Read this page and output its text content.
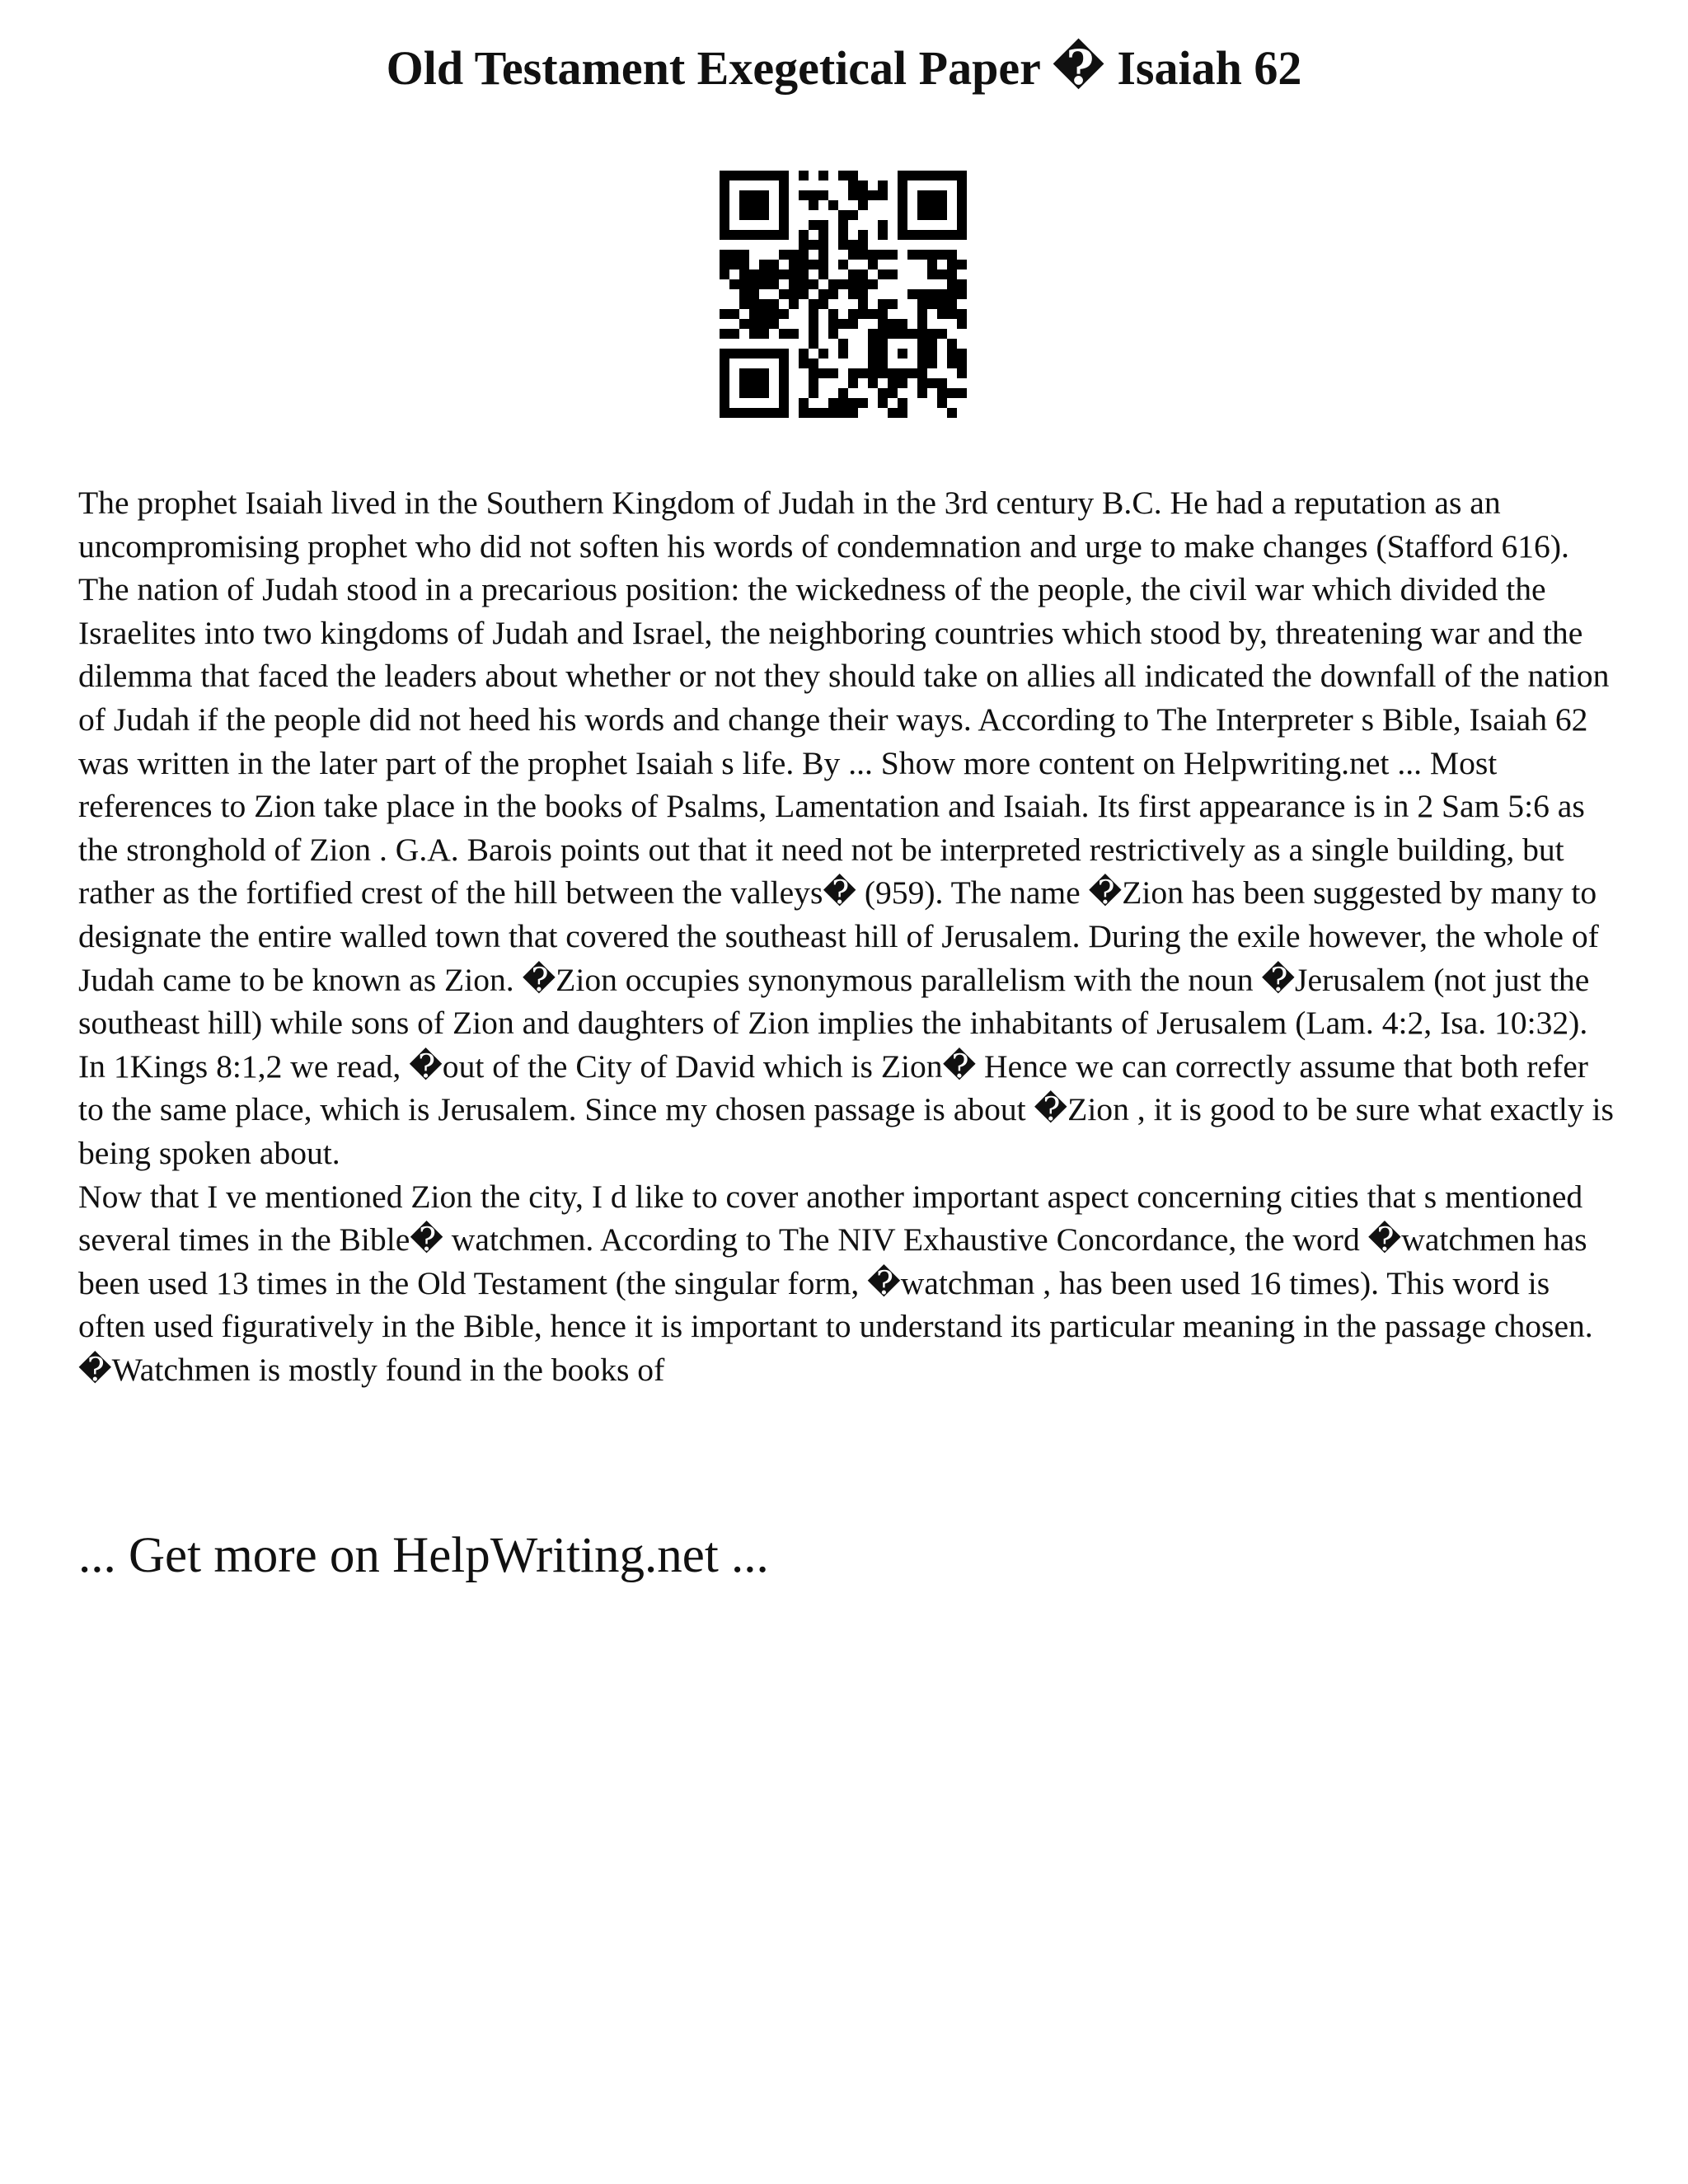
Old Testament Exegetical Paper � Isaiah 62

The prophet Isaiah lived in the Southern Kingdom of Judah in the 3rd century B.C. He had a reputation as an uncompromising prophet who did not soften his words of condemnation and urge to make changes (Stafford 616). The nation of Judah stood in a precarious position: the wickedness of the people, the civil war which divided the Israelites into two kingdoms of Judah and Israel, the neighboring countries which stood by, threatening war and the dilemma that faced the leaders about whether or not they should take on allies all indicated the downfall of the nation of Judah if the people did not heed his words and change their ways. According to The Interpreter s Bible, Isaiah 62 was written in the later part of the prophet Isaiah s life. By ... Show more content on Helpwriting.net ... Most references to Zion take place in the books of Psalms, Lamentation and Isaiah. Its first appearance is in 2 Sam 5:6 as the stronghold of Zion . G.A. Barois points out that it need not be interpreted restrictively as a single building, but rather as the fortified crest of the hill between the valleys� (959). The name �Zion has been suggested by many to designate the entire walled town that covered the southeast hill of Jerusalem. During the exile however, the whole of Judah came to be known as Zion. �Zion occupies synonymous parallelism with the noun �Jerusalem (not just the southeast hill) while sons of Zion and daughters of Zion implies the inhabitants of Jerusalem (Lam. 4:2, Isa. 10:32). In 1Kings 8:1,2 we read, �out of the City of David which is Zion� Hence we can correctly assume that both refer to the same place, which is Jerusalem. Since my chosen passage is about �Zion , it is good to be sure what exactly is being spoken about.

Now that I ve mentioned Zion the city, I d like to cover another important aspect concerning cities that s mentioned several times in the Bible� watchmen. According to The NIV Exhaustive Concordance, the word �watchmen has been used 13 times in the Old Testament (the singular form, �watchman , has been used 16 times). This word is often used figuratively in the Bible, hence it is important to understand its particular meaning in the passage chosen. �Watchmen is mostly found in the books of

... Get more on HelpWriting.net ...
